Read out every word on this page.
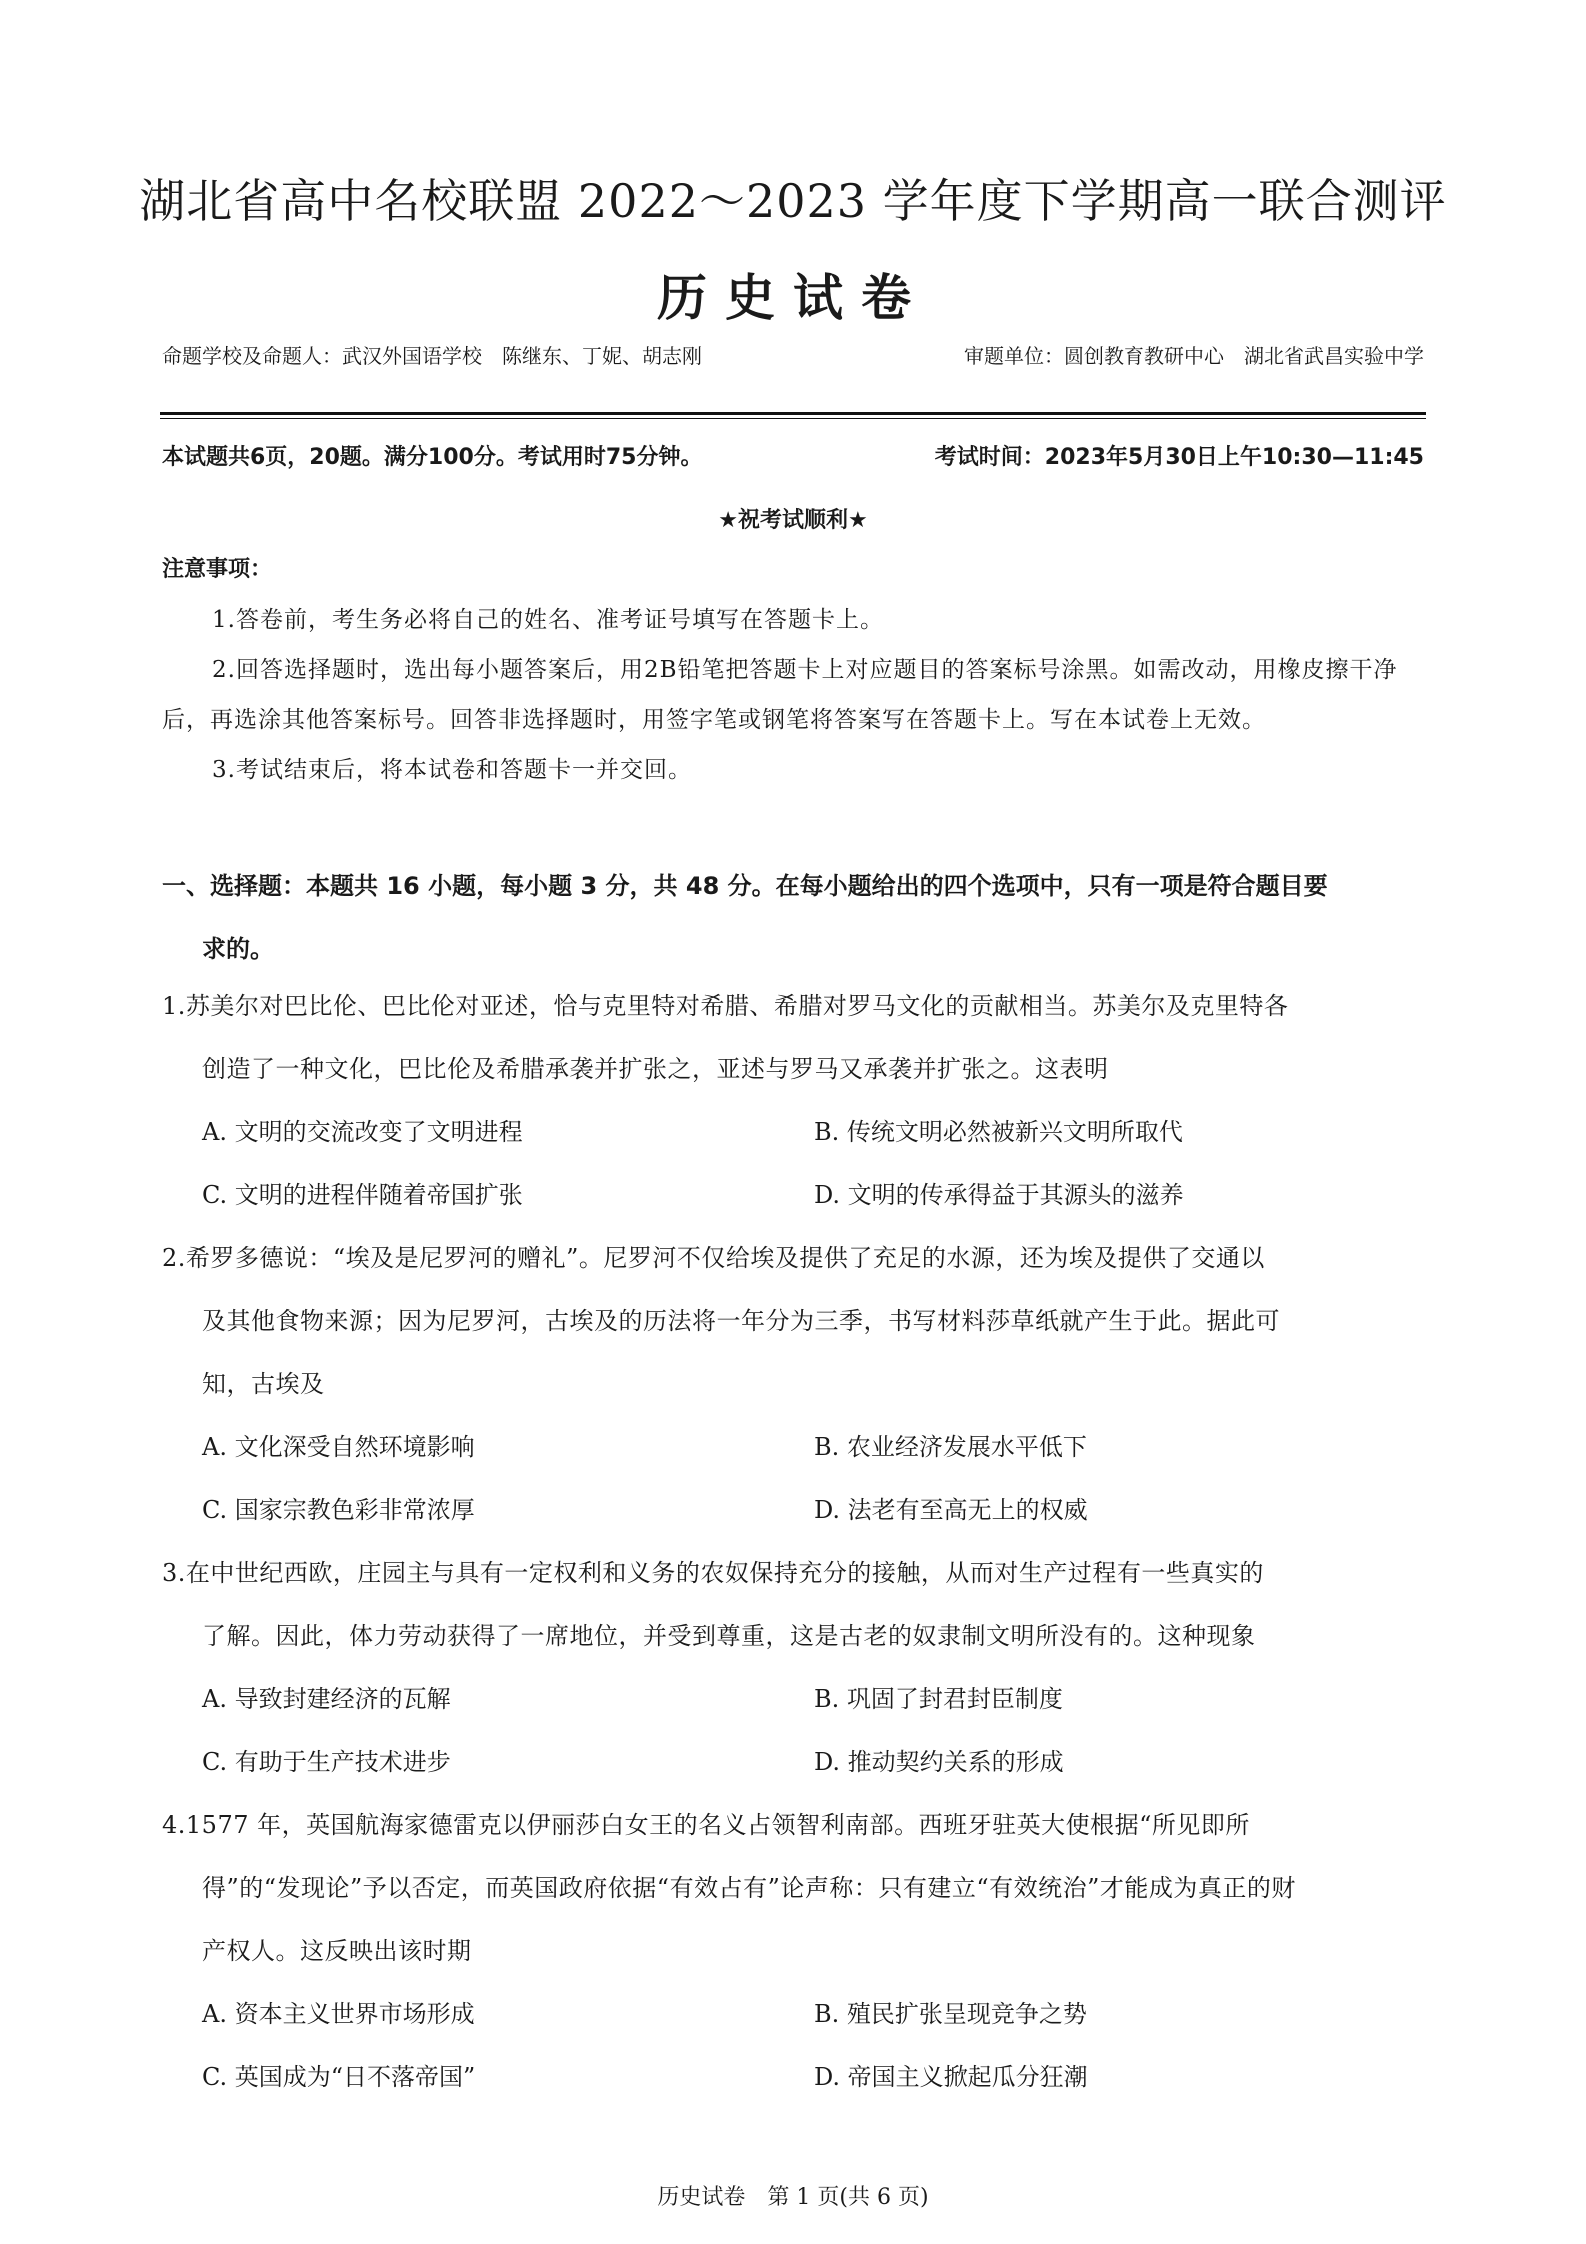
湖北省高中名校联盟 2022～2023 学年度下学期高一联合测评
历史试卷
命题学校及命题人：武汉外国语学校　陈继东、丁妮、胡志刚	审题单位：圆创教育教研中心　湖北省武昌实验中学
本试题共6页，20题。满分100分。考试用时75分钟。	考试时间：2023年5月30日上午10:30—11:45
★祝考试顺利★
注意事项：
1.答卷前，考生务必将自己的姓名、准考证号填写在答题卡上。
2.回答选择题时，选出每小题答案后，用2B铅笔把答题卡上对应题目的答案标号涂黑。如需改动，用橡皮擦干净后，再选涂其他答案标号。回答非选择题时，用签字笔或钢笔将答案写在答题卡上。写在本试卷上无效。
3.考试结束后，将本试卷和答题卡一并交回。
一、选择题：本题共 16 小题，每小题 3 分，共 48 分。在每小题给出的四个选项中，只有一项是符合题目要
求的。
1.苏美尔对巴比伦、巴比伦对亚述，恰与克里特对希腊、希腊对罗马文化的贡献相当。苏美尔及克里特各
创造了一种文化，巴比伦及希腊承袭并扩张之，亚述与罗马又承袭并扩张之。这表明
A. 文明的交流改变了文明进程	B. 传统文明必然被新兴文明所取代
C. 文明的进程伴随着帝国扩张	D. 文明的传承得益于其源头的滋养
2.希罗多德说：“埃及是尼罗河的赠礼”。尼罗河不仅给埃及提供了充足的水源，还为埃及提供了交通以
及其他食物来源；因为尼罗河，古埃及的历法将一年分为三季，书写材料莎草纸就产生于此。据此可
知，古埃及
A. 文化深受自然环境影响	B. 农业经济发展水平低下
C. 国家宗教色彩非常浓厚	D. 法老有至高无上的权威
3.在中世纪西欧，庄园主与具有一定权利和义务的农奴保持充分的接触，从而对生产过程有一些真实的
了解。因此，体力劳动获得了一席地位，并受到尊重，这是古老的奴隶制文明所没有的。这种现象
A. 导致封建经济的瓦解	B. 巩固了封君封臣制度
C. 有助于生产技术进步	D. 推动契约关系的形成
4.1577 年，英国航海家德雷克以伊丽莎白女王的名义占领智利南部。西班牙驻英大使根据“所见即所
得”的“发现论”予以否定，而英国政府依据“有效占有”论声称：只有建立“有效统治”才能成为真正的财
产权人。这反映出该时期
A. 资本主义世界市场形成	B. 殖民扩张呈现竞争之势
C. 英国成为“日不落帝国”	D. 帝国主义掀起瓜分狂潮
历史试卷　第 1 页(共 6 页)
